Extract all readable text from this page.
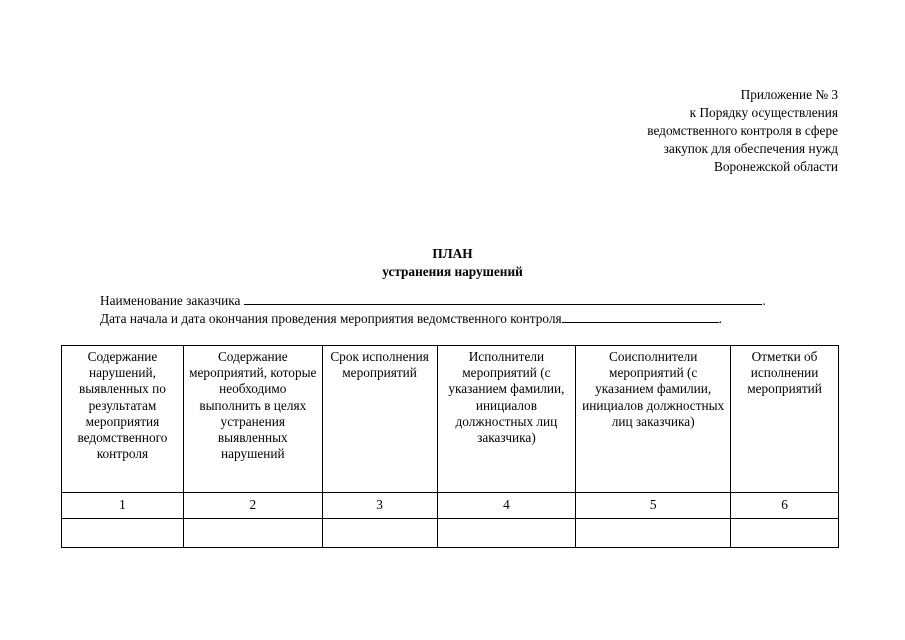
Приложение № 3
к Порядку осуществления
ведомственного контроля в сфере
закупок для обеспечения нужд
Воронежской области
ПЛАН
устранения нарушений
Наименование заказчика	.
Дата начала и дата окончания проведения мероприятия ведомственного контроля	.
Содержание нарушений, выявленных по результатам мероприятия ведомственного контроля	Содержание мероприятий, которые необходимо выполнить в целях устранения выявленных нарушений	Срок исполнения мероприятий	Исполнители мероприятий (с указанием фамилии, инициалов должностных лиц заказчика)	Соисполнители мероприятий (с указанием фамилии, инициалов должностных лиц заказчика)	Отметки об исполнении мероприятий
1	2	3	4	5	6
